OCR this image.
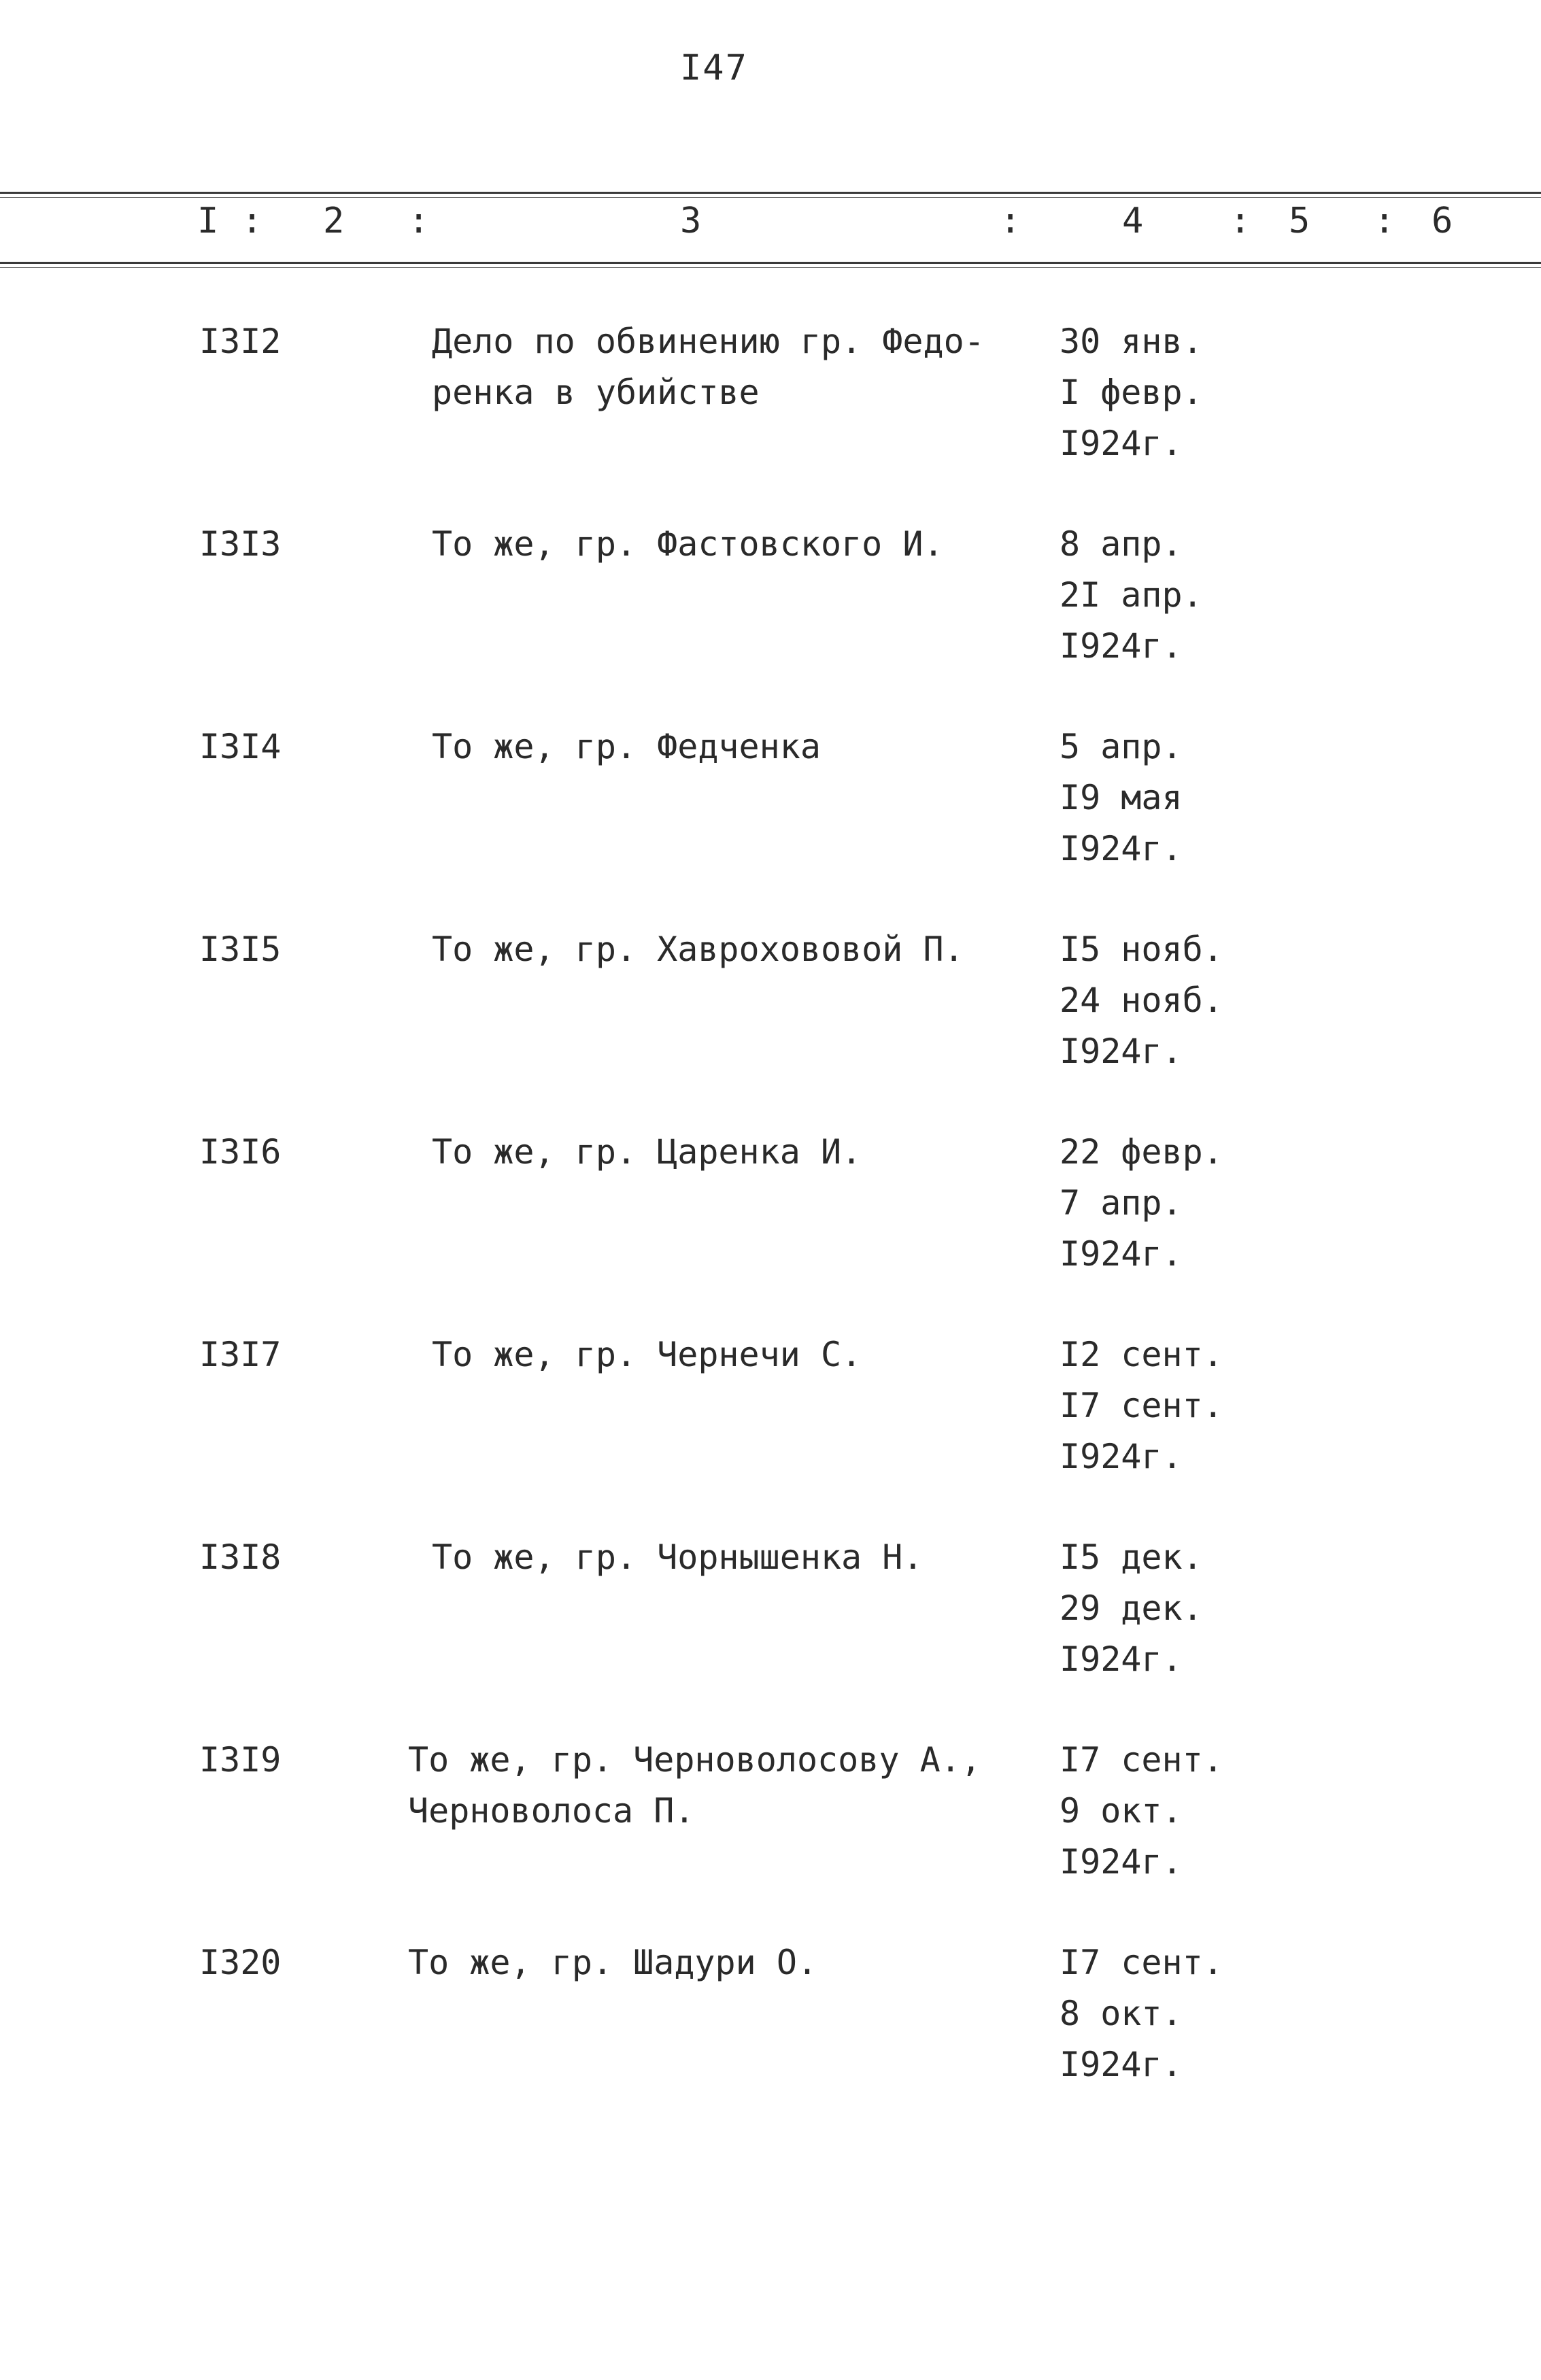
I47
I : 2 :	3	:	4 : 5 : 6
I3I2	Дело по обвинению гр. Федо-
ренка в убийстве
30 янв.
I февр.
I924г.
I3I3	То же, гр. Фастовского И.	8 апр.
2I апр.
I924г.
I3I4	То же, гр. Федченка	5 апр.
I9 мая
I924г.
I3I5	То же, гр. Хаврохововой П.	I5 нояб.
24 нояб.
I924г.
I3I6	То же, гр. Царенка И.	22 февр.
7 апр.
I924г.
I3I7	То же, гр. Чернечи С.	I2 сент.
I7 сент.
I924г.
I3I8	То же, гр. Чорнышенка Н.	I5 дек.
29 дек.
I924г.
I3I9	То же, гр. Черноволосову А.,
Черноволоса П.
I7 сент.
9 окт.
I924г.
I320	То же, гр. Шадури О.	I7 сент.
8 окт.
I924г.
